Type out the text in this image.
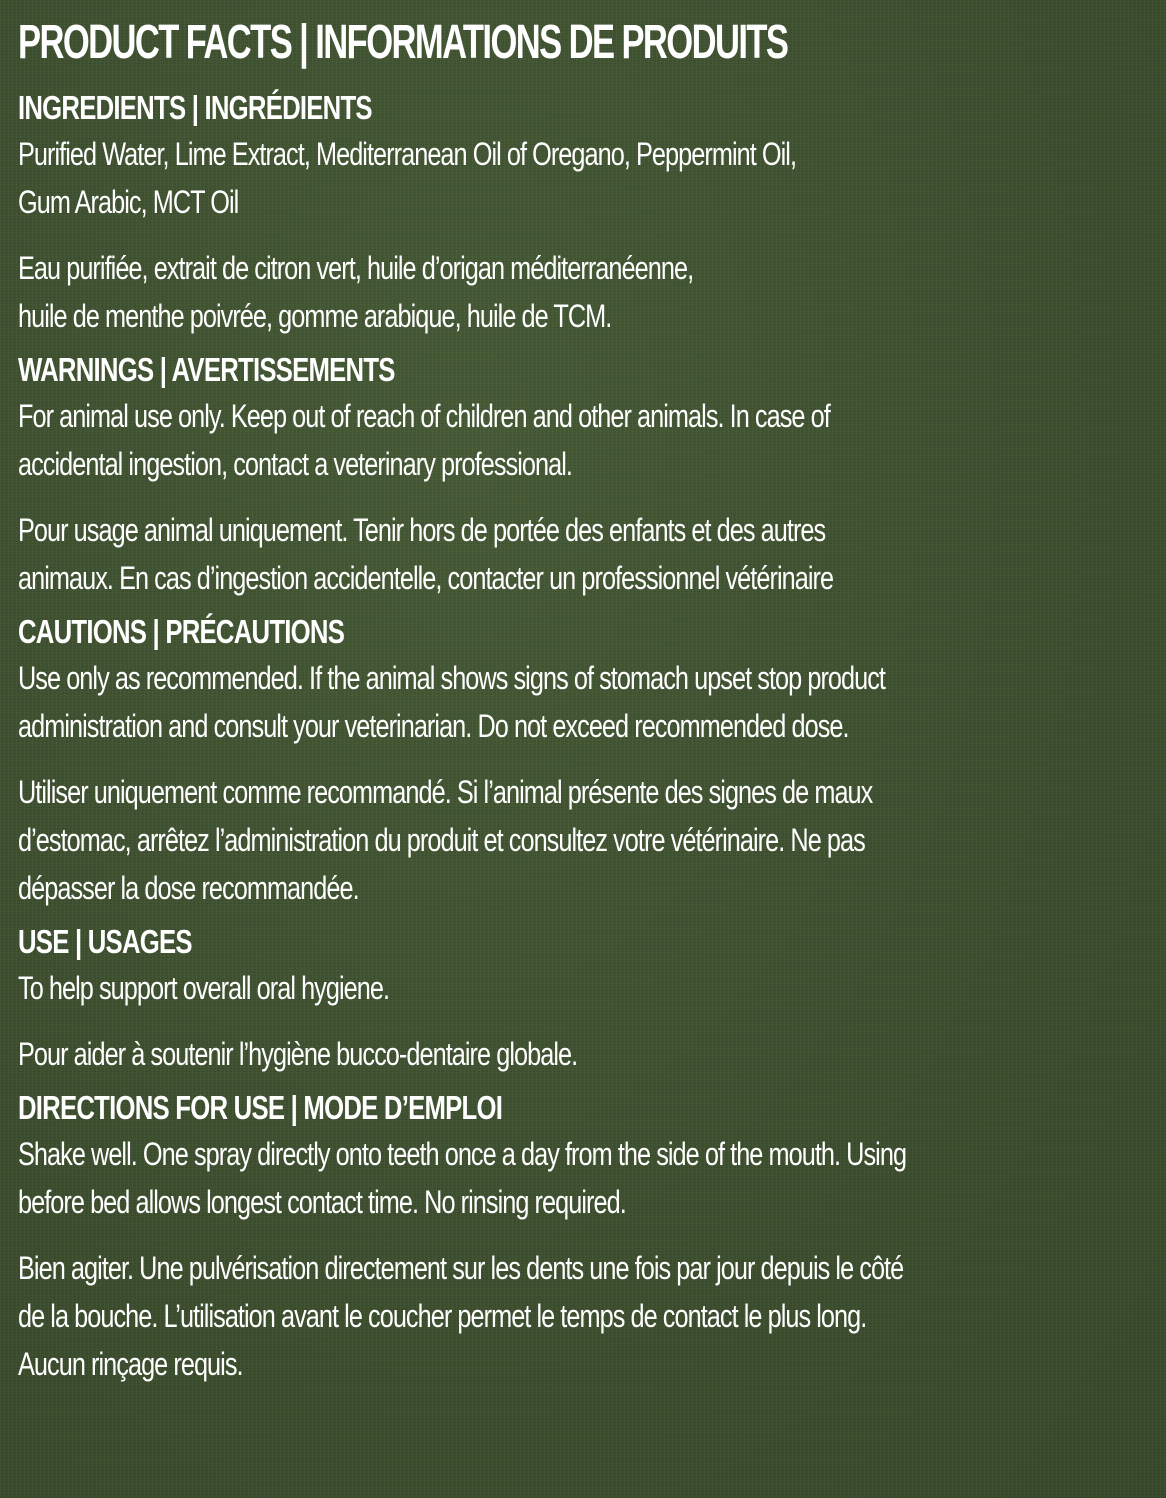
PRODUCT FACTS | INFORMATIONS DE PRODUITS
INGREDIENTS | INGRÉDIENTS
Purified Water, Lime Extract, Mediterranean Oil of Oregano, Peppermint Oil,
Gum Arabic, MCT Oil
Eau purifiée, extrait de citron vert, huile d’origan méditerranéenne,
huile de menthe poivrée, gomme arabique, huile de TCM.
WARNINGS | AVERTISSEMENTS
For animal use only. Keep out of reach of children and other animals. In case of
accidental ingestion, contact a veterinary professional.
Pour usage animal uniquement. Tenir hors de portée des enfants et des autres
animaux. En cas d’ingestion accidentelle, contacter un professionnel vétérinaire
CAUTIONS | PRÉCAUTIONS
Use only as recommended. If the animal shows signs of stomach upset stop product
administration and consult your veterinarian. Do not exceed recommended dose.
Utiliser uniquement comme recommandé. Si l’animal présente des signes de maux
d’estomac, arrêtez l’administration du produit et consultez votre vétérinaire. Ne pas
dépasser la dose recommandée.
USE | USAGES
To help support overall oral hygiene.
Pour aider à soutenir l’hygiène bucco-dentaire globale.
DIRECTIONS FOR USE | MODE D’EMPLOI
Shake well. One spray directly onto teeth once a day from the side of the mouth. Using
before bed allows longest contact time. No rinsing required.
Bien agiter. Une pulvérisation directement sur les dents une fois par jour depuis le côté
de la bouche. L’utilisation avant le coucher permet le temps de contact le plus long.
Aucun rinçage requis.
